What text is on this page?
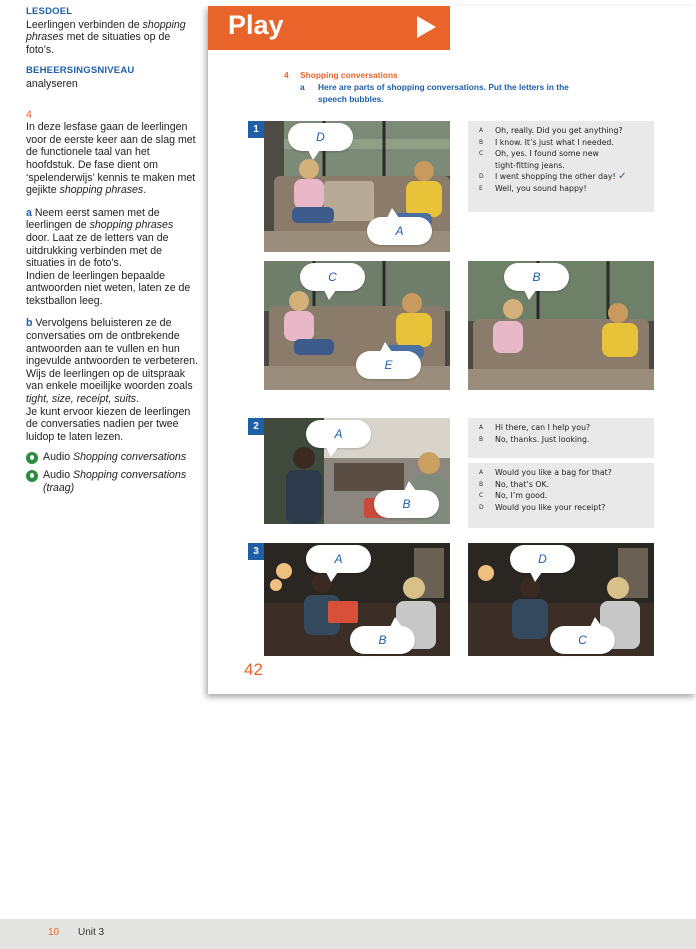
LESDOEL
Leerlingen verbinden de shopping phrases met de situaties op de foto’s.
BEHEERSINGSNIVEAU
analyseren
4
In deze lesfase gaan de leerlingen voor de eerste keer aan de slag met de functionele taal van het hoofdstuk. De fase dient om ‘spelenderwijs’ kennis te maken met gejikte shopping phrases.
a Neem eerst samen met de leerlingen de shopping phrases door. Laat ze de letters van de uitdrukking verbinden met de situaties in de foto’s.
Indien de leerlingen bepaalde antwoorden niet weten, laten ze de tekstballon leeg.
b Vervolgens beluisteren ze de conversaties om de ontbrekende antwoorden aan te vullen en hun ingevulde antwoorden te verbeteren.
Wijs de leerlingen op de uitspraak van enkele moeilijke woorden zoals tight, size, receipt, suits.
Je kunt ervoor kiezen de leerlingen de conversaties nadien per twee luidop te laten lezen.
Audio Shopping conversations
Audio Shopping conversations
(traag)
Play
4 Shopping conversations
a Here are parts of shopping conversations. Put the letters in the
speech bubbles.
1
D
A
A	Oh, really. Did you get anything?
B	I know. It’s just what I needed.
C	Oh, yes. I found some new
tight-fitting jeans.
D	I went shopping the other day! ✓
E	Well, you sound happy!
C
E
B
2
A
B
A	Hi there, can I help you?
B	No, thanks. Just looking.
A	Would you like a bag for that?
B	No, that’s OK.
C	No, I’m good.
D	Would you like your receipt?
3
A
B
D
C
42
10 Unit 3
